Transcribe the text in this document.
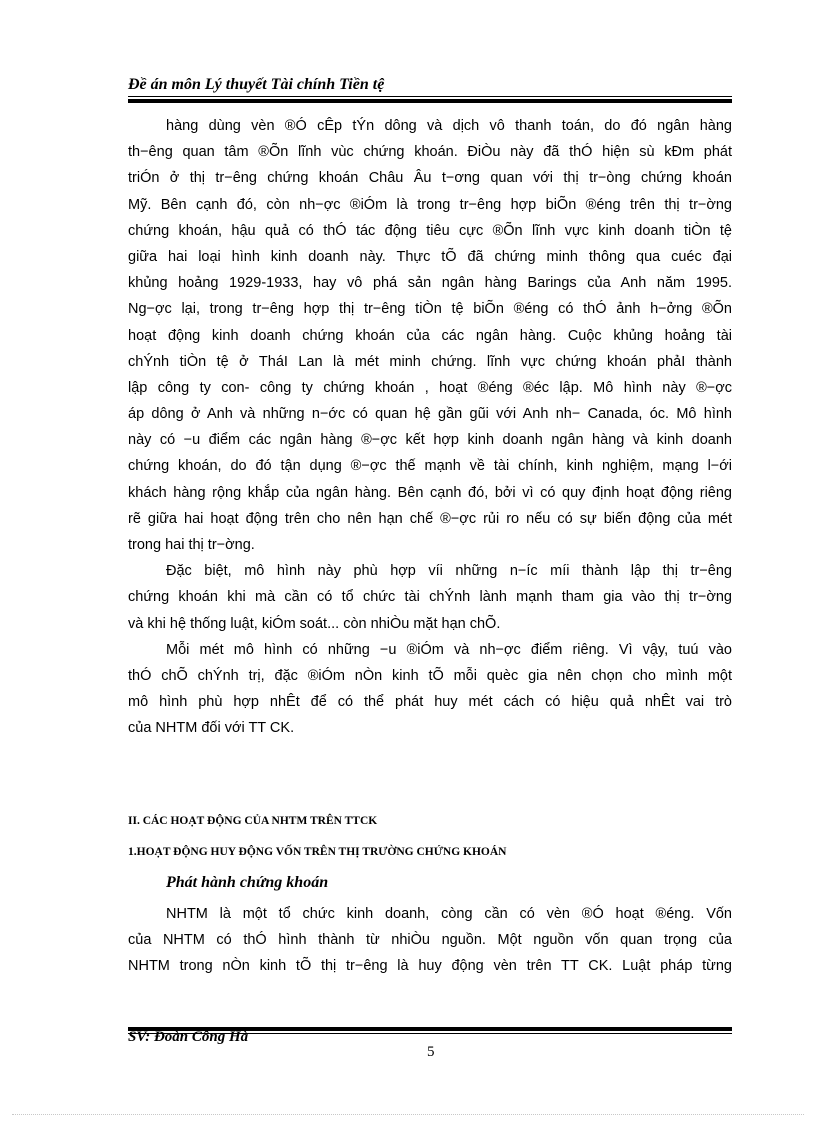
Đề án môn Lý thuyết Tài chính Tiền tệ
hàng dùng vèn ®Ó cÊp tÝn dông và dịch vô thanh toán, do đó ngân hàng
th−êng quan tâm ®Õn lĩnh vùc chứng khoán. ĐiÒu này đã thÓ hiện sù kÐm phát
triÓn ở thị tr−êng chứng khoán Châu Âu t−ơng quan với thị tr−òng chứng khoán
Mỹ. Bên cạnh đó, còn nh−ợc ®iÓm là trong tr−êng hợp biÕn ®éng trên thị tr−ờng
chứng khoán, hậu quả có thÓ tác động tiêu cực ®Õn lĩnh vực kinh doanh tiÒn tệ
giữa hai loại hình kinh doanh này. Thực tÕ đã chứng minh thông qua cuéc đại
khủng hoảng 1929-1933, hay vô phá sản ngân hàng Barings của Anh năm 1995.
Ng−ợc lại, trong tr−êng hợp thị tr−êng tiÒn tệ biÕn ®éng có thÓ ảnh h−ởng ®Õn
hoạt động kinh doanh chứng khoán của các ngân hàng. Cuộc khủng hoảng tài
chÝnh tiÒn tệ ở TháI Lan là mét minh chứng. lĩnh vực chứng khoán phảI thành
lập công ty con- công ty chứng khoán , hoạt ®éng ®éc lập. Mô hình này ®−ợc
áp dông ở Anh và những n−ớc có quan hệ gần gũi với Anh nh− Canada, óc. Mô hình
này có −u điểm các ngân hàng ®−ợc kết hợp kinh doanh ngân hàng và kinh doanh
chứng khoán, do đó tận dụng ®−ợc thế mạnh về tài chính, kinh nghiệm, mạng l−ới
khách hàng rộng khắp của ngân hàng. Bên cạnh đó, bởi vì có quy định hoạt động riêng
rẽ giữa hai hoạt động trên cho nên hạn chế ®−ợc rủi ro nếu có sự biến động của mét
trong hai thị tr−ờng.
Đặc biệt, mô hình này phù hợp víi những n−íc míi thành lập thị tr−êng
chứng khoán khi mà cần có tổ chức tài chÝnh lành mạnh tham gia vào thị tr−ờng
và khi hệ thống luật, kiÓm soát... còn nhiÒu mặt hạn chÕ.
Mỗi mét mô hình có những −u ®iÓm và nh−ợc điểm riêng. Vì vậy, tuú vào
thÓ chÕ chÝnh trị, đặc ®iÓm nÒn kinh tÕ mỗi quèc gia nên chọn cho mình một
mô hình phù hợp nhÊt để có thể phát huy mét cách có hiệu quả nhÊt vai trò
của NHTM đối với TT CK.
II. CÁC HOẠT ĐỘNG CỦA NHTM TRÊN TTCK
1.HOẠT ĐỘNG HUY ĐỘNG VỐN TRÊN THỊ TRƯỜNG CHỨNG KHOÁN
Phát hành chứng khoán
NHTM là một tổ chức kinh doanh, còng cần có vèn ®Ó hoạt ®éng. Vốn
của NHTM có thÓ hình thành từ nhiÒu nguồn. Một nguồn vốn quan trọng của
NHTM trong nÒn kinh tÕ thị tr−êng là huy động vèn trên TT CK. Luật pháp từng
SV: Đoàn Công Hà
5
